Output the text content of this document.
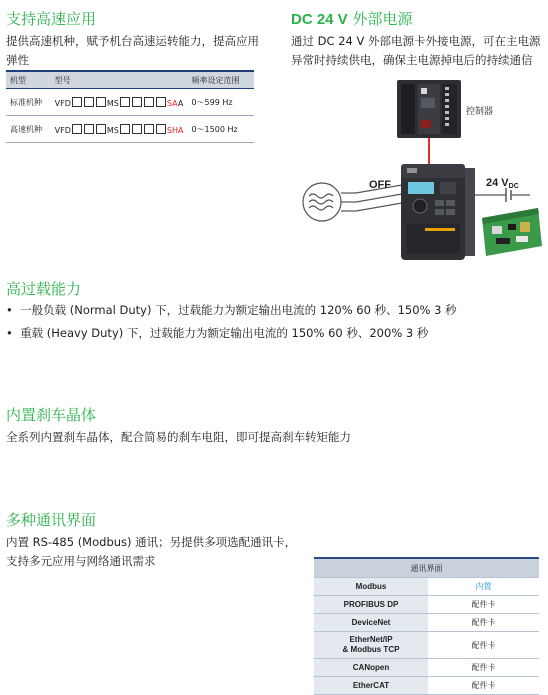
支持高速应用

提供高速机种，赋予机台高速运转能力，提高应用弹性

机型	型号	频率设定范围
标准机种	VFD MS SAA	0～599 Hz
高速机种	VFD MS SHA	0～1500 Hz
DC 24 V 外部电源

通过 DC 24 V 外部电源卡外接电源，可在主电源异常时持续供电，确保主电源掉电后的持续通信

控制器
OFF	24 VDC
高过载能力
• 一般负载 (Normal Duty) 下，过载能力为额定输出电流的 120% 60 秒、150% 3 秒
• 重载 (Heavy Duty) 下，过载能力为额定输出电流的 150% 60 秒、200% 3 秒
内置刹车晶体

全系列内置刹车晶体，配合简易的刹车电阻，即可提高刹车转矩能力

多种通讯界面

内置 RS-485 (Modbus) 通讯；另提供多项选配通讯卡，

支持多元应用与网络通讯需求	通讯界面	
Modbus	内置
PROFIBUS DP	配件卡
DeviceNet	配件卡
EtherNet/IP
& Modbus TCP	配件卡
CANopen	配件卡
EtherCAT	配件卡
